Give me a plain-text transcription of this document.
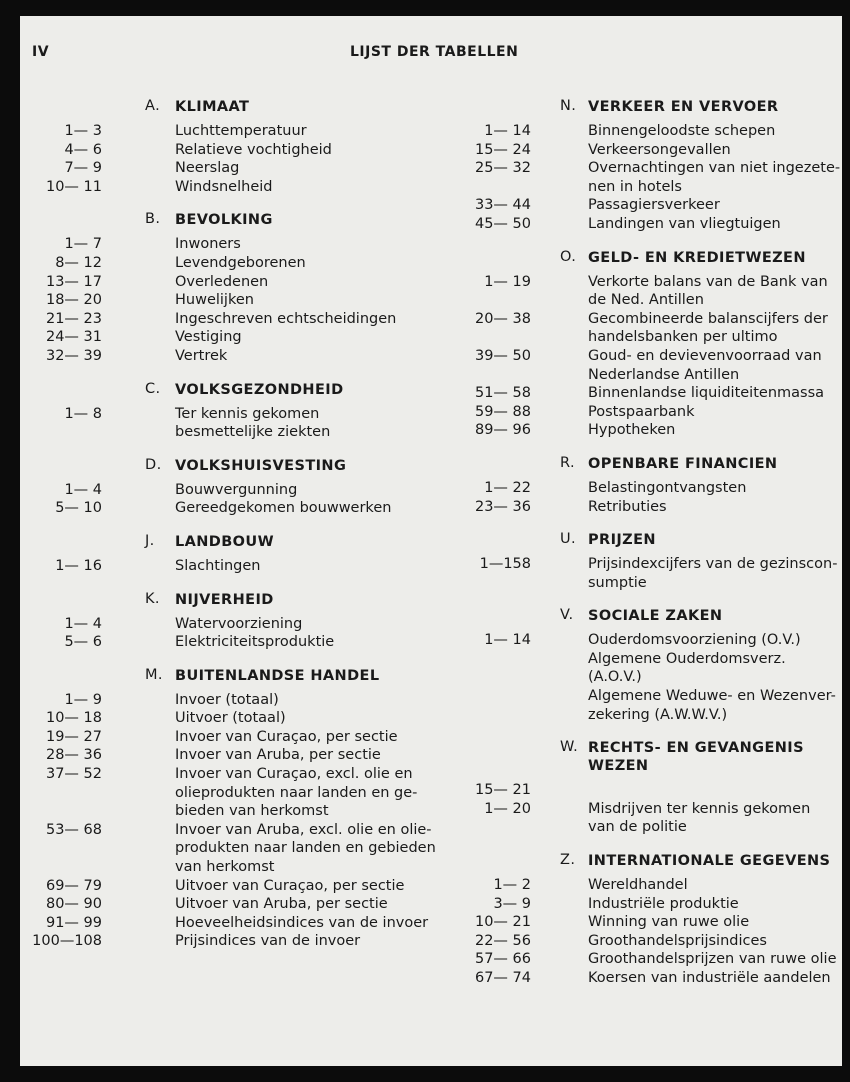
IV	LIJST DER TABELLEN
A. KLIMAAT
1— 3	Luchttemperatuur
4— 6	Relatieve vochtigheid
7— 9	Neerslag
10— 11	Windsnelheid
B. BEVOLKING
1— 7	Inwoners
8— 12	Levendgeborenen
13— 17	Overledenen
18— 20	Huwelijken
21— 23	Ingeschreven echtscheidingen
24— 31	Vestiging
32— 39	Vertrek
C. VOLKSGEZONDHEID
1— 8	Ter kennis gekomen
besmettelijke ziekten
D. VOLKSHUISVESTING
1— 4	Bouwvergunning
5— 10	Gereedgekomen bouwwerken
J. LANDBOUW
1— 16	Slachtingen
K. NIJVERHEID
1— 4	Watervoorziening
5— 6	Elektriciteitsproduktie
M. BUITENLANDSE HANDEL
1— 9	Invoer (totaal)
10— 18	Uitvoer (totaal)
19— 27	Invoer van Curaçao, per sectie
28— 36	Invoer van Aruba, per sectie
37— 52	Invoer van Curaçao, excl. olie en
olieprodukten naar landen en ge-
bieden van herkomst
53— 68	Invoer van Aruba, excl. olie en olie-
produkten naar landen en gebieden
van herkomst
69— 79	Uitvoer van Curaçao, per sectie
80— 90	Uitvoer van Aruba, per sectie
91— 99	Hoeveelheidsindices van de invoer
100—108	Prijsindices van de invoer
N. VERKEER EN VERVOER
1— 14	Binnengeloodste schepen
15— 24	Verkeersongevallen
25— 32	Overnachtingen van niet ingezete-
nen in hotels
33— 44	Passagiersverkeer
45— 50	Landingen van vliegtuigen
O. GELD- EN KREDIETWEZEN
1— 19	Verkorte balans van de Bank van
de Ned. Antillen
20— 38	Gecombineerde balanscijfers der
handelsbanken per ultimo
39— 50	Goud- en devievenvoorraad van
Nederlandse Antillen
51— 58	Binnenlandse liquiditeitenmassa
59— 88	Postspaarbank
89— 96	Hypotheken
R. OPENBARE FINANCIEN
1— 22	Belastingontvangsten
23— 36	Retributies
U. PRIJZEN
1—158	Prijsindexcijfers van de gezinscon-
sumptie
V. SOCIALE ZAKEN
1— 14	Ouderdomsvoorziening (O.V.)
Algemene Ouderdomsverz.
(A.O.V.)
Algemene Weduwe- en Wezenver-
zekering (A.W.W.V.)
W. RECHTS- EN GEVANGENIS
WEZEN
15— 21

1— 20	Misdrijven ter kennis gekomen
van de politie
Z. INTERNATIONALE GEGEVENS
1— 2	Wereldhandel
3— 9	Industriële produktie
10— 21	Winning van ruwe olie
22— 56	Groothandelsprijsindices
57— 66	Groothandelsprijzen van ruwe olie
67— 74	Koersen van industriële aandelen
